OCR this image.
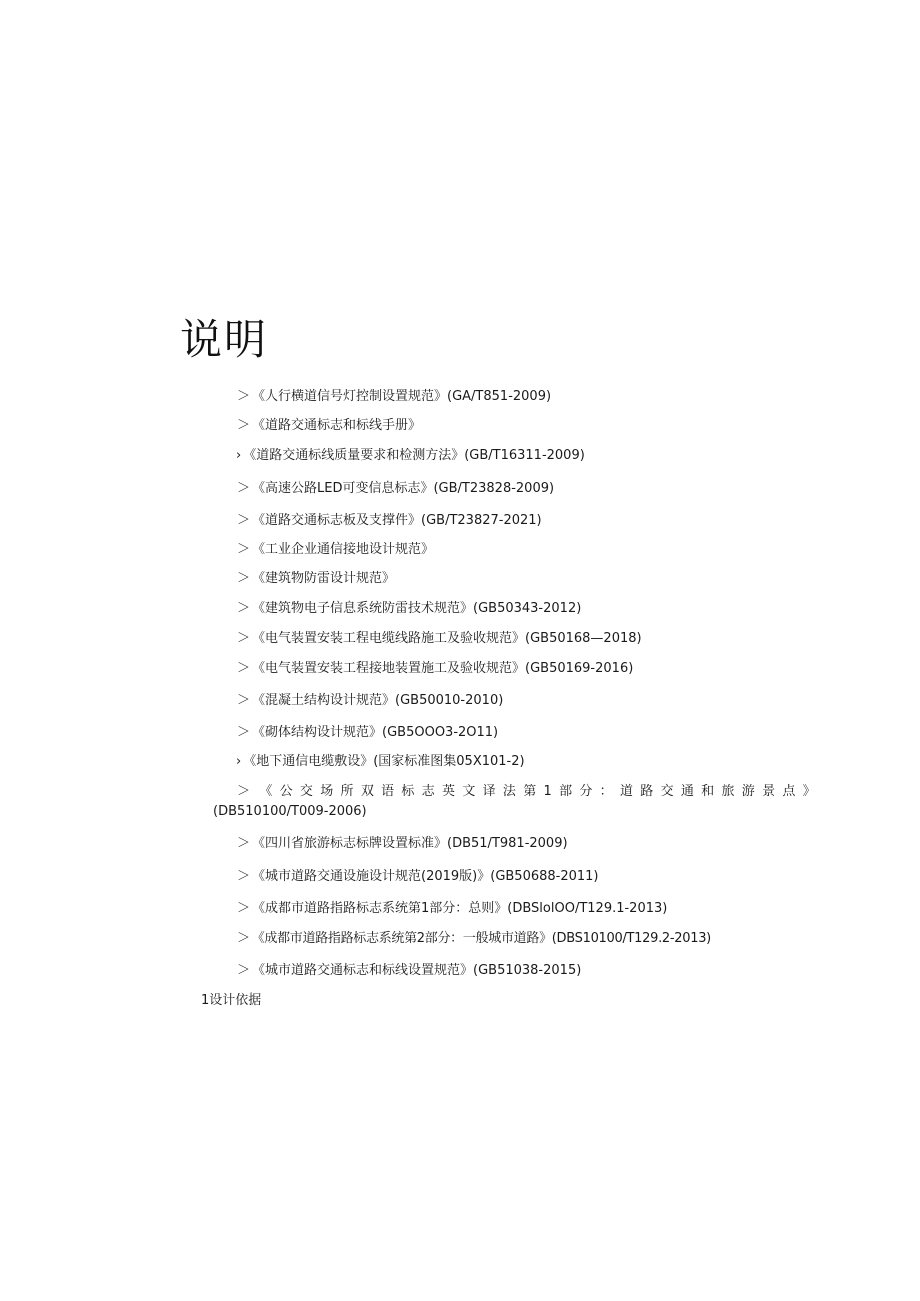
说明
＞ 《人行横道信号灯控制设置规范》(GA/T851-2009)
＞ 《道路交通标志和标线手册》
› 《道路交通标线质量要求和检测方法》(GB/T16311-2009)
＞ 《高速公路LED可变信息标志》(GB/T23828-2009)
＞ 《道路交通标志板及支撑件》(GB/T23827-2021)
＞ 《工业企业通信接地设计规范》
＞ 《建筑物防雷设计规范》
＞ 《建筑物电子信息系统防雷技术规范》(GB50343-2012)
＞ 《电气装置安装工程电缆线路施工及验收规范》(GB50168—2018)
＞ 《电气装置安装工程接地装置施工及验收规范》(GB50169-2016)
＞ 《混凝土结构设计规范》(GB50010-2010)
＞ 《砌体结构设计规范》(GB5OOO3-2O11)
› 《地下通信电缆敷设》(国家标准图集05X101-2)
＞ 《公交场所双语标志英文译法第1部分：道路交通和旅游景点》
(DB510100/T009-2006)
＞ 《四川省旅游标志标牌设置标准》(DB51/T981-2009)
＞ 《城市道路交通设施设计规范(2019版)》(GB50688-2011)
＞ 《成都市道路指路标志系统第1部分：总则》(DBSlolOO/T129.1-2013)
＞ 《成都市道路指路标志系统第2部分：一般城市道路》(DBS10100/T129.2-2013)
＞ 《城市道路交通标志和标线设置规范》(GB51038-2015)
1设计依据
